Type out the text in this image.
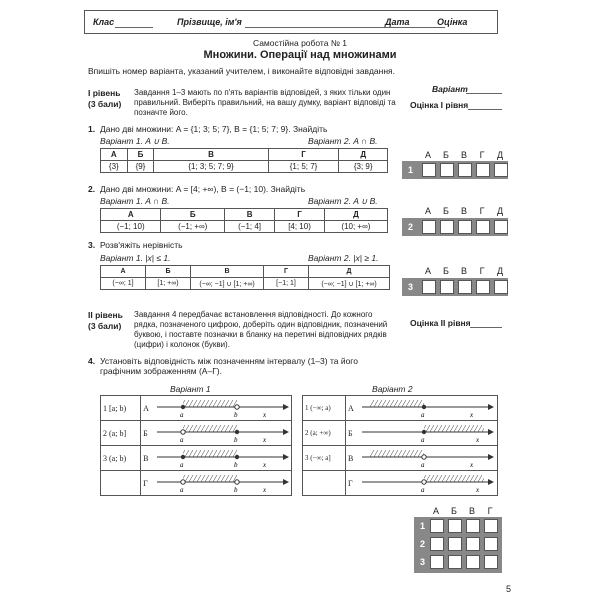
Клас	Прізвище, ім'я	Дата	Оцінка
Самостійна робота № 1
Множини. Операції над множинами
Впишіть номер варіанта, указаний учителем, і виконайте відповідні завдання.
Варіант
Оцінка I рівня
I рівень
(3 бали)
Завдання 1–3 мають по п'ять варіантів відповідей, з яких тільки один правильний. Виберіть правильний, на вашу думку, варіант відповіді та позначте його.
1. Дано дві множини: A = {1; 3; 5; 7}, B = {1; 5; 7; 9}. Знайдіть
Варіант 1. A ∪ B.	Варіант 2. A ∩ B.
А	Б	В	Г	Д
{3}	{9}	{1; 3; 5; 7; 9}	{1; 5; 7}	{3; 9}
2. Дано дві множини: A = [4; +∞), B = (−1; 10). Знайдіть
Варіант 1. A ∩ B.	Варіант 2. A ∪ B.
А	Б	В	Г	Д
(−1; 10)	(−1; +∞)	(−1; 4]	[4; 10)	(10; +∞)
3. Розв'яжіть нерівність
Варіант 1. |x| ≤ 1.	Варіант 2. |x| ≥ 1.
А	Б	В	Г	Д
(−∞; 1]	[1; +∞)	(−∞; −1] ∪ [1; +∞)	[−1; 1]	(−∞; −1] ∪ [1; +∞)
А	Б	В	Г	Д
1
А	Б	В	Г	Д
2
А	Б	В	Г	Д
3
II рівень
(3 бали)
Завдання 4 передбачає встановлення відповідності. До кожного рядка, позначеного цифрою, доберіть один відповідник, позначений буквою, і поставте позначки в бланку на перетині відповідних рядків (цифри) і колонок (букви).
Оцінка II рівня
4. Установіть відповідність між позначенням інтервалу (1–3) та його графічним зображенням (А–Г).
Варіант 1	Варіант 2
1 [a; b)	А	a b x

2 (a; b]	Б	a b x

3 (a; b)	В	a b x

	Г	a b x
1 (−∞; a)	А	a x

2 (a; +∞)	Б	a x

3 (−∞; a]	В	a x

	Г	a x
А	Б	В	Г
1
2
3
5
